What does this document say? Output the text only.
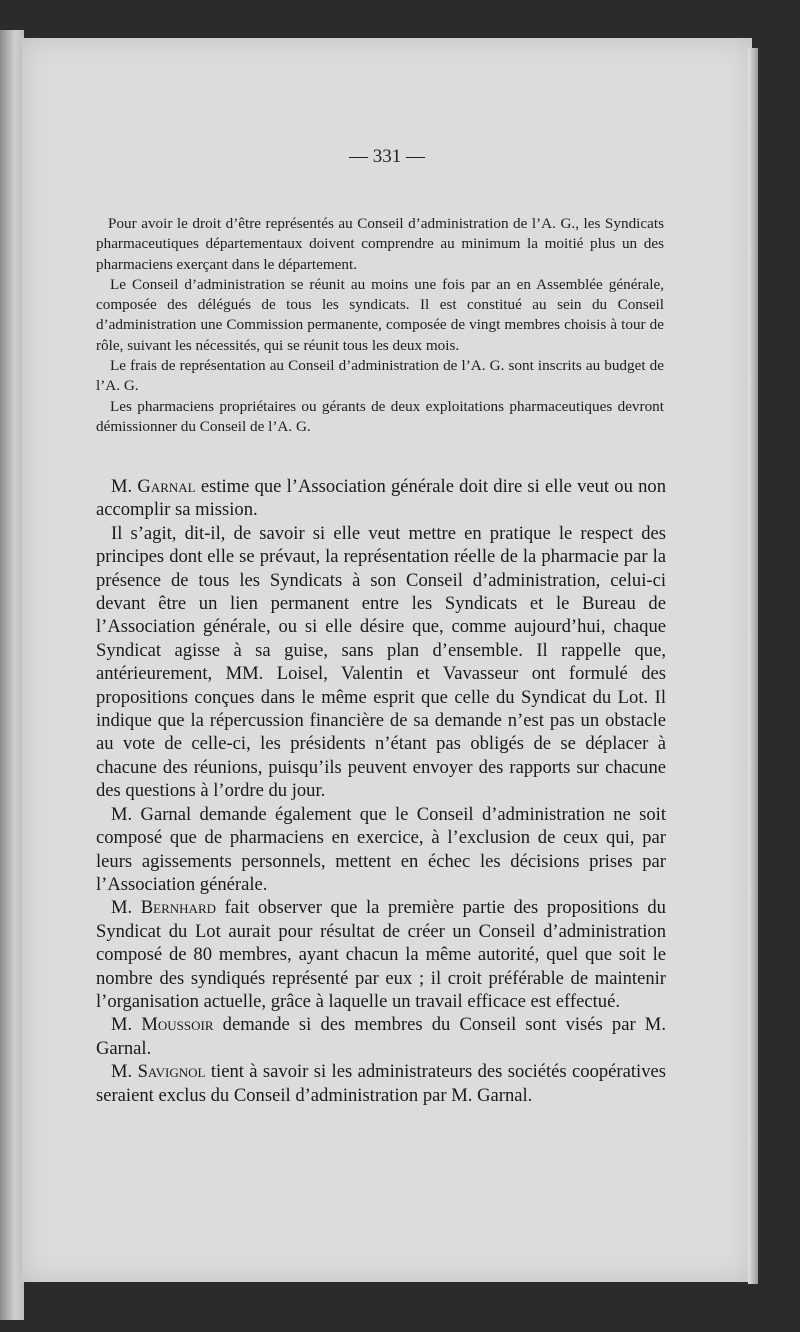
— 331 —

Pour avoir le droit d’être représentés au Conseil d’administration de l’A. G., les Syndicats pharmaceutiques départementaux doivent comprendre au minimum la moitié plus un des pharmaciens exerçant dans le département.

Le Conseil d’administration se réunit au moins une fois par an en Assemblée générale, composée des délégués de tous les syndicats. Il est constitué au sein du Conseil d’administration une Commission permanente, composée de vingt membres choisis à tour de rôle, suivant les nécessités, qui se réunit tous les deux mois.

Le frais de représentation au Conseil d’administration de l’A. G. sont inscrits au budget de l’A. G.

Les pharmaciens propriétaires ou gérants de deux exploitations pharmaceutiques devront démissionner du Conseil de l’A. G.

M. Garnal estime que l’Association générale doit dire si elle veut ou non accomplir sa mission.

Il s’agit, dit-il, de savoir si elle veut mettre en pratique le respect des principes dont elle se prévaut, la représentation réelle de la pharmacie par la présence de tous les Syndicats à son Conseil d’administration, celui-ci devant être un lien permanent entre les Syndicats et le Bureau de l’Association générale, ou si elle désire que, comme aujourd’hui, chaque Syndicat agisse à sa guise, sans plan d’ensemble. Il rappelle que, antérieurement, MM. Loisel, Valentin et Vavasseur ont formulé des propositions conçues dans le même esprit que celle du Syndicat du Lot. Il indique que la répercussion financière de sa demande n’est pas un obstacle au vote de celle-ci, les présidents n’étant pas obligés de se déplacer à chacune des réunions, puisqu’ils peuvent envoyer des rapports sur chacune des questions à l’ordre du jour.

M. Garnal demande également que le Conseil d’administration ne soit composé que de pharmaciens en exercice, à l’exclusion de ceux qui, par leurs agissements personnels, mettent en échec les décisions prises par l’Association générale.

M. Bernhard fait observer que la première partie des propositions du Syndicat du Lot aurait pour résultat de créer un Conseil d’administration composé de 80 membres, ayant chacun la même autorité, quel que soit le nombre des syndiqués représenté par eux ; il croit préférable de maintenir l’organisation actuelle, grâce à laquelle un travail efficace est effectué.

M. Moussoir demande si des membres du Conseil sont visés par M. Garnal.

M. Savignol tient à savoir si les administrateurs des sociétés coopératives seraient exclus du Conseil d’administration par M. Garnal.
